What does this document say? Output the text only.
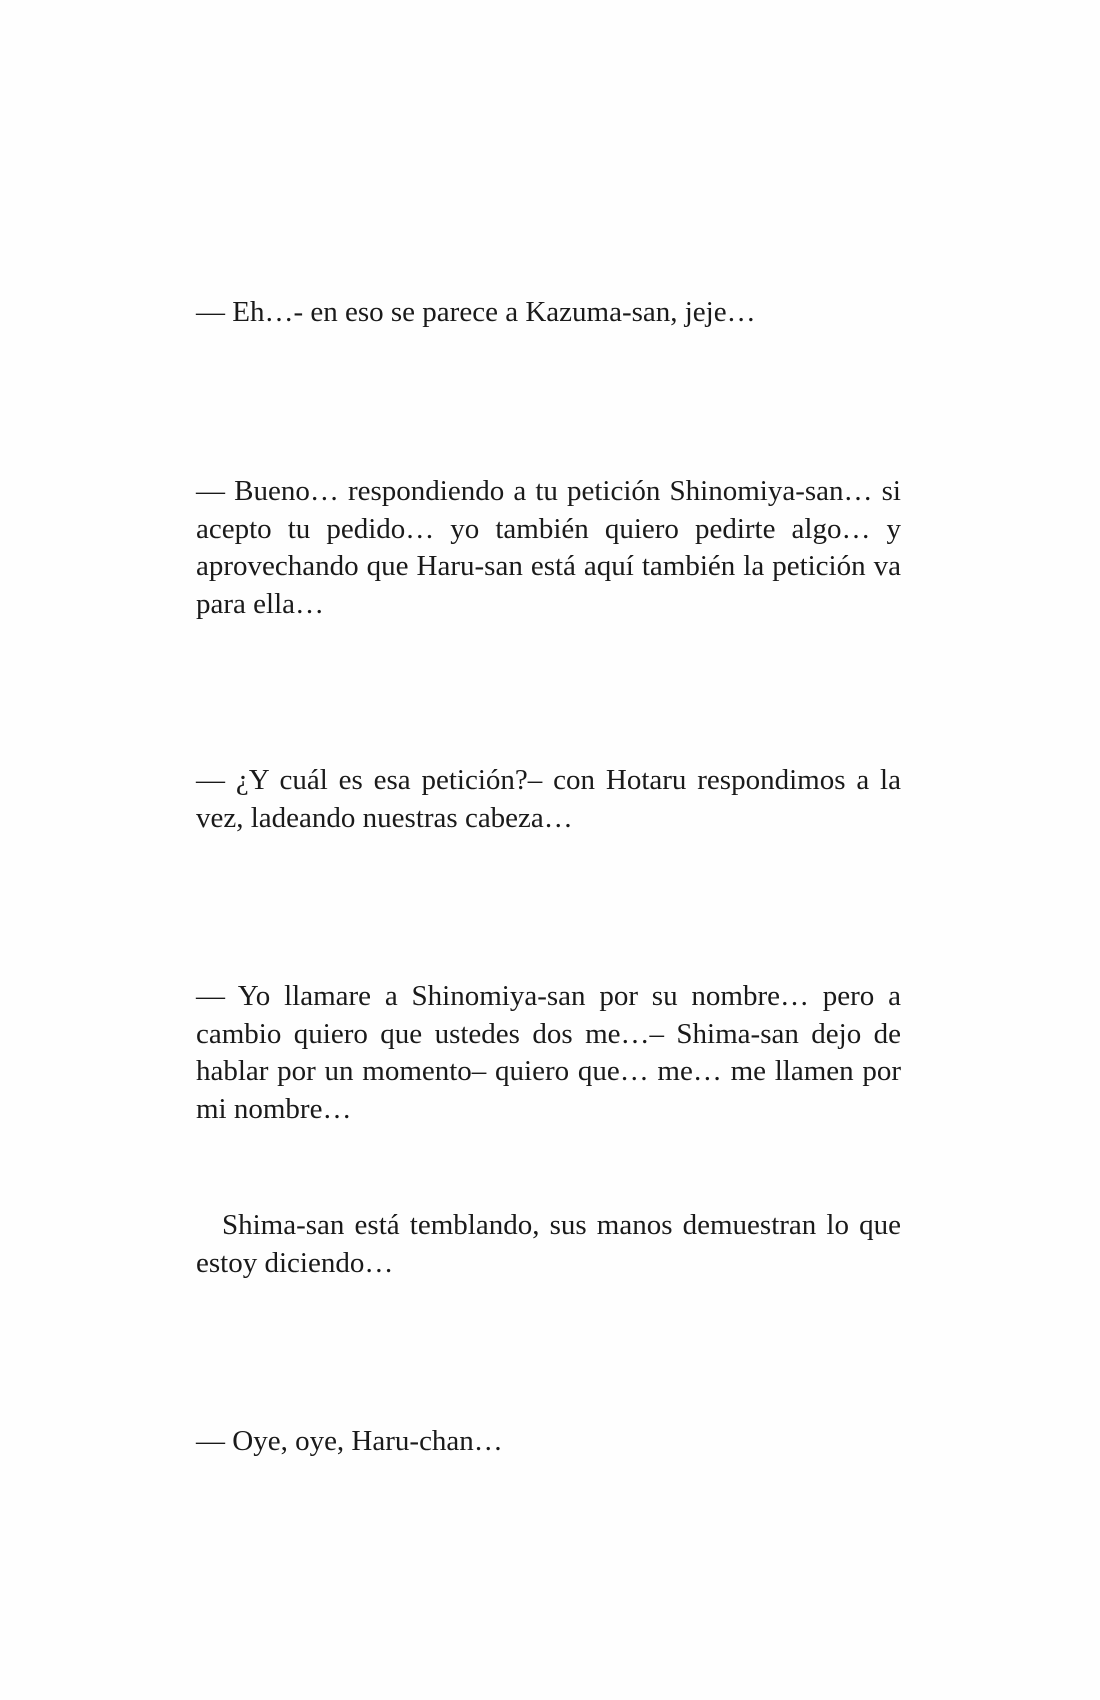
— Eh…- en eso se parece a Kazuma-san, jeje…

— Bueno… respondiendo a tu petición Shinomiya-san… si acepto tu pedido… yo también quiero pedirte algo… y aprovechando que Haru-san está aquí también la petición va para ella…

— ¿Y cuál es esa petición?– con Hotaru respondimos a la vez, ladeando nuestras cabeza…

— Yo llamare a Shinomiya-san por su nombre… pero a cambio quiero que ustedes dos me…– Shima-san dejo de hablar por un momento– quiero que… me… me llamen por mi nombre…

Shima-san está temblando, sus manos demuestran lo que estoy diciendo…

— Oye, oye, Haru-chan…
